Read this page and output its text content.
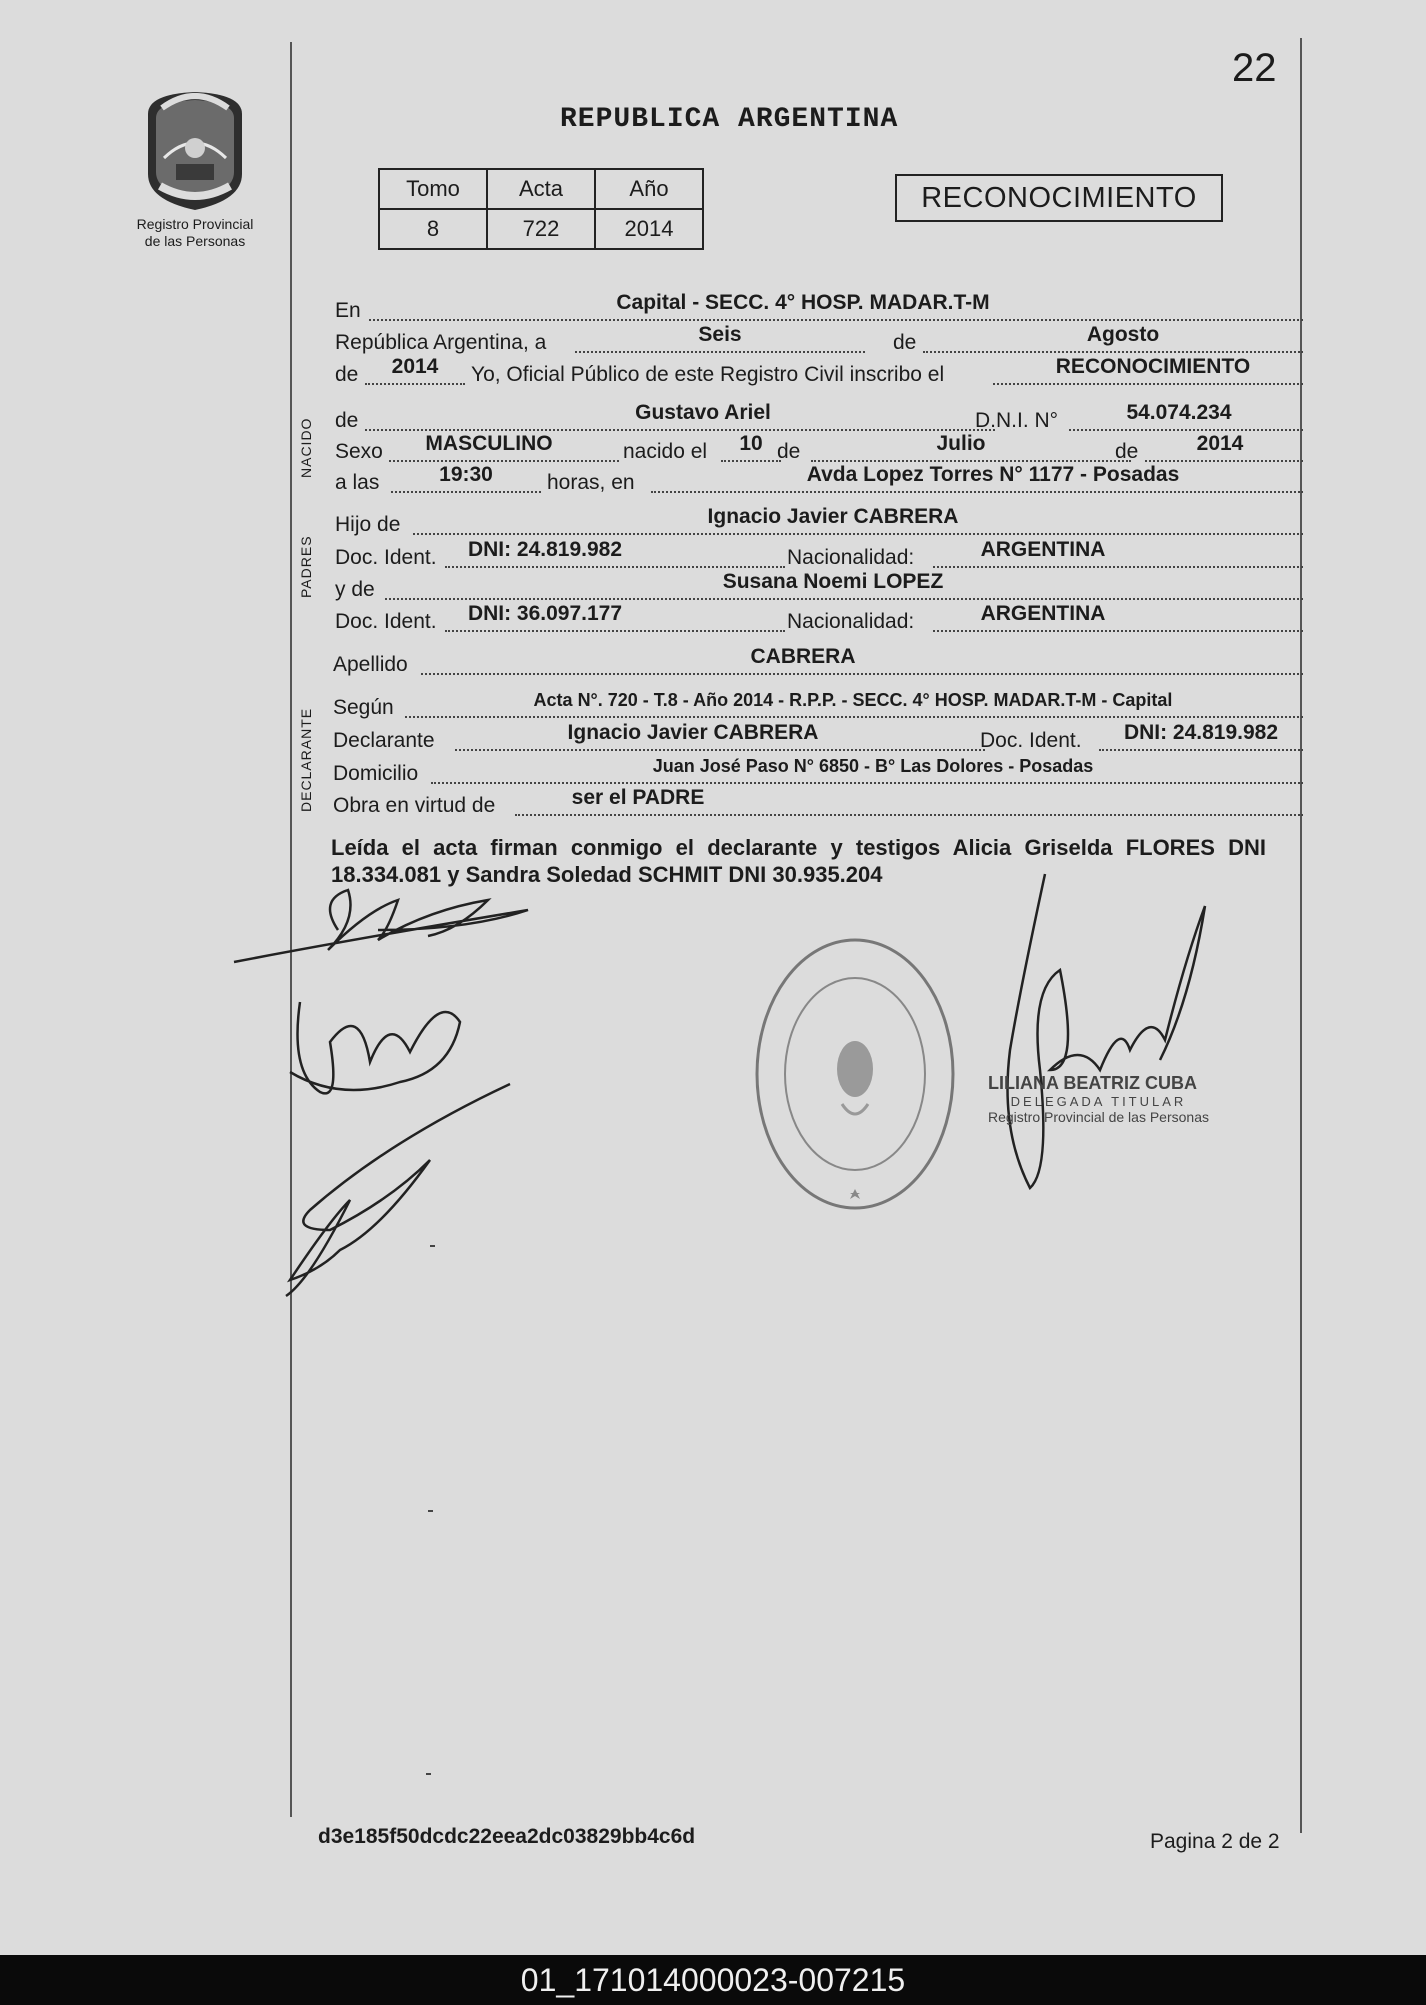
22
Registro Provincial
de las Personas
REPUBLICA ARGENTINA
Tomo	Acta	Año
8	722	2014
RECONOCIMIENTO
NACIDO
PADRES
DECLARANTE
En	Capital - SECC. 4° HOSP. MADAR.T-M
República Argentina, a	Seis	de	Agosto
de	2014	Yo, Oficial Público de este Registro Civil inscribo el	RECONOCIMIENTO
de	Gustavo Ariel	D.N.I. N°	54.074.234
Sexo	MASCULINO	nacido el	10 de	Julio	de	2014
a las	19:30	horas, en	Avda Lopez Torres N° 1177 - Posadas
Hijo de	Ignacio Javier CABRERA
Doc. Ident.	DNI: 24.819.982	Nacionalidad:	ARGENTINA
y de	Susana Noemi LOPEZ
Doc. Ident.	DNI: 36.097.177	Nacionalidad:	ARGENTINA
Apellido	CABRERA
Según	Acta N°. 720 - T.8 - Año 2014 - R.P.P. - SECC. 4° HOSP. MADAR.T-M - Capital
Declarante	Ignacio Javier CABRERA	Doc. Ident.	DNI: 24.819.982
Domicilio	Juan José Paso N° 6850 - B° Las Dolores - Posadas
Obra en virtud de	ser el PADRE
Leída el acta firman conmigo el declarante y testigos Alicia Griselda FLORES DNI 18.334.081 y Sandra Soledad SCHMIT DNI 30.935.204
LILIANA BEATRIZ CUBA
DELEGADA TITULAR
Registro Provincial de las Personas
d3e185f50dcdc22eea2dc03829bb4c6d	Pagina 2 de 2
01_171014000023-007215
